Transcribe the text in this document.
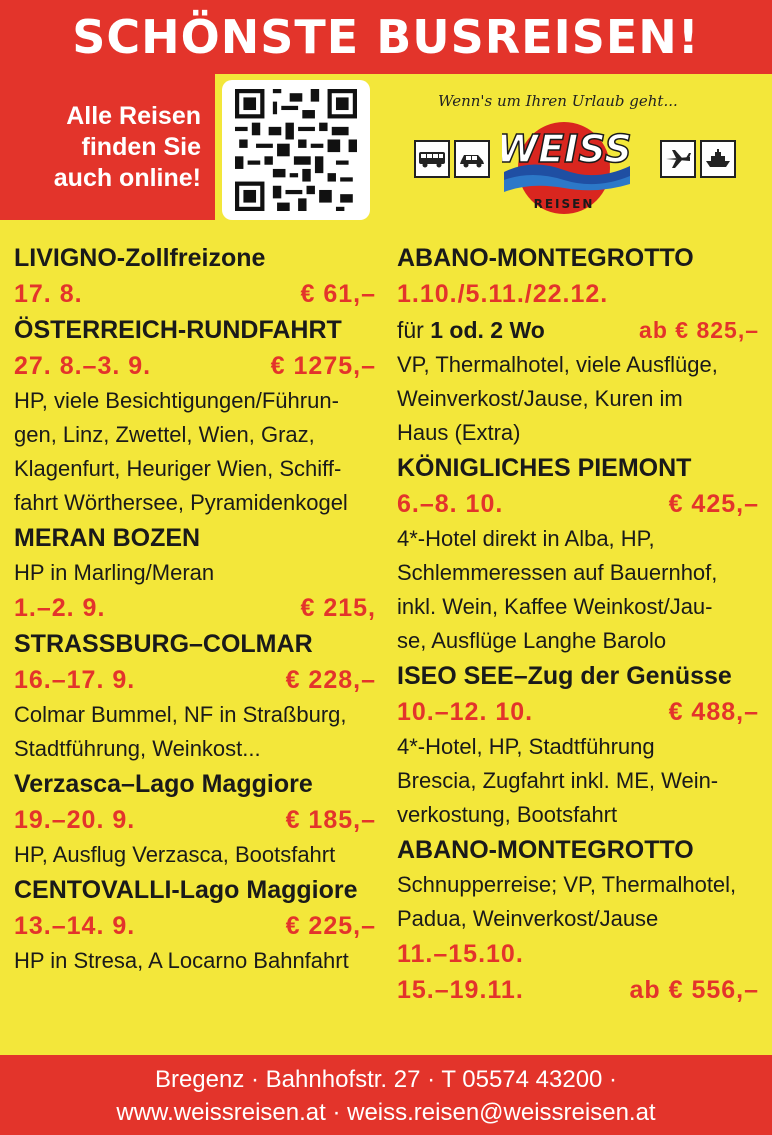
SCHÖNSTE BUSREISEN!
Alle Reisen
finden Sie
auch online!
Wenn's um Ihren Urlaub geht...
WEISS
REISEN
LIVIGNO-Zollfreizone
17. 8.	€ 61,–
ÖSTERREICH-RUNDFAHRT
27. 8.–3. 9.	€ 1275,–
HP, viele Besichtigungen/Führun-
gen, Linz, Zwettel, Wien, Graz,
Klagenfurt, Heuriger Wien, Schiff-
fahrt Wörthersee, Pyramidenkogel
MERAN BOZEN
HP in Marling/Meran
1.–2. 9.	€ 215,
STRASSBURG–COLMAR
16.–17. 9.	€ 228,–
Colmar Bummel, NF in Straßburg,
Stadtführung, Weinkost...
Verzasca–Lago Maggiore
19.–20. 9.	€ 185,–
HP, Ausflug Verzasca, Bootsfahrt
CENTOVALLI-Lago Maggiore
13.–14. 9.	€ 225,–
HP in Stresa, A Locarno Bahnfahrt
ABANO-MONTEGROTTO
1.10./5.11./22.12.
für 1 od. 2 Wo	ab € 825,–
VP, Thermalhotel, viele Ausflüge,
Weinverkost/Jause, Kuren im
Haus (Extra)
KÖNIGLICHES PIEMONT
6.–8. 10.	€ 425,–
4*-Hotel direkt in Alba, HP,
Schlemmeressen auf Bauernhof,
inkl. Wein, Kaffee Weinkost/Jau-
se, Ausflüge Langhe Barolo
ISEO SEE–Zug der Genüsse
10.–12. 10.	€ 488,–
4*-Hotel, HP, Stadtführung
Brescia, Zugfahrt inkl. ME, Wein-
verkostung, Bootsfahrt
ABANO-MONTEGROTTO
Schnupperreise; VP, Thermalhotel,
Padua, Weinverkost/Jause
11.–15.10.
15.–19.11.	ab € 556,–
Bregenz · Bahnhofstr. 27 · T 05574 43200 ·
www.weissreisen.at · weiss.reisen@weissreisen.at
